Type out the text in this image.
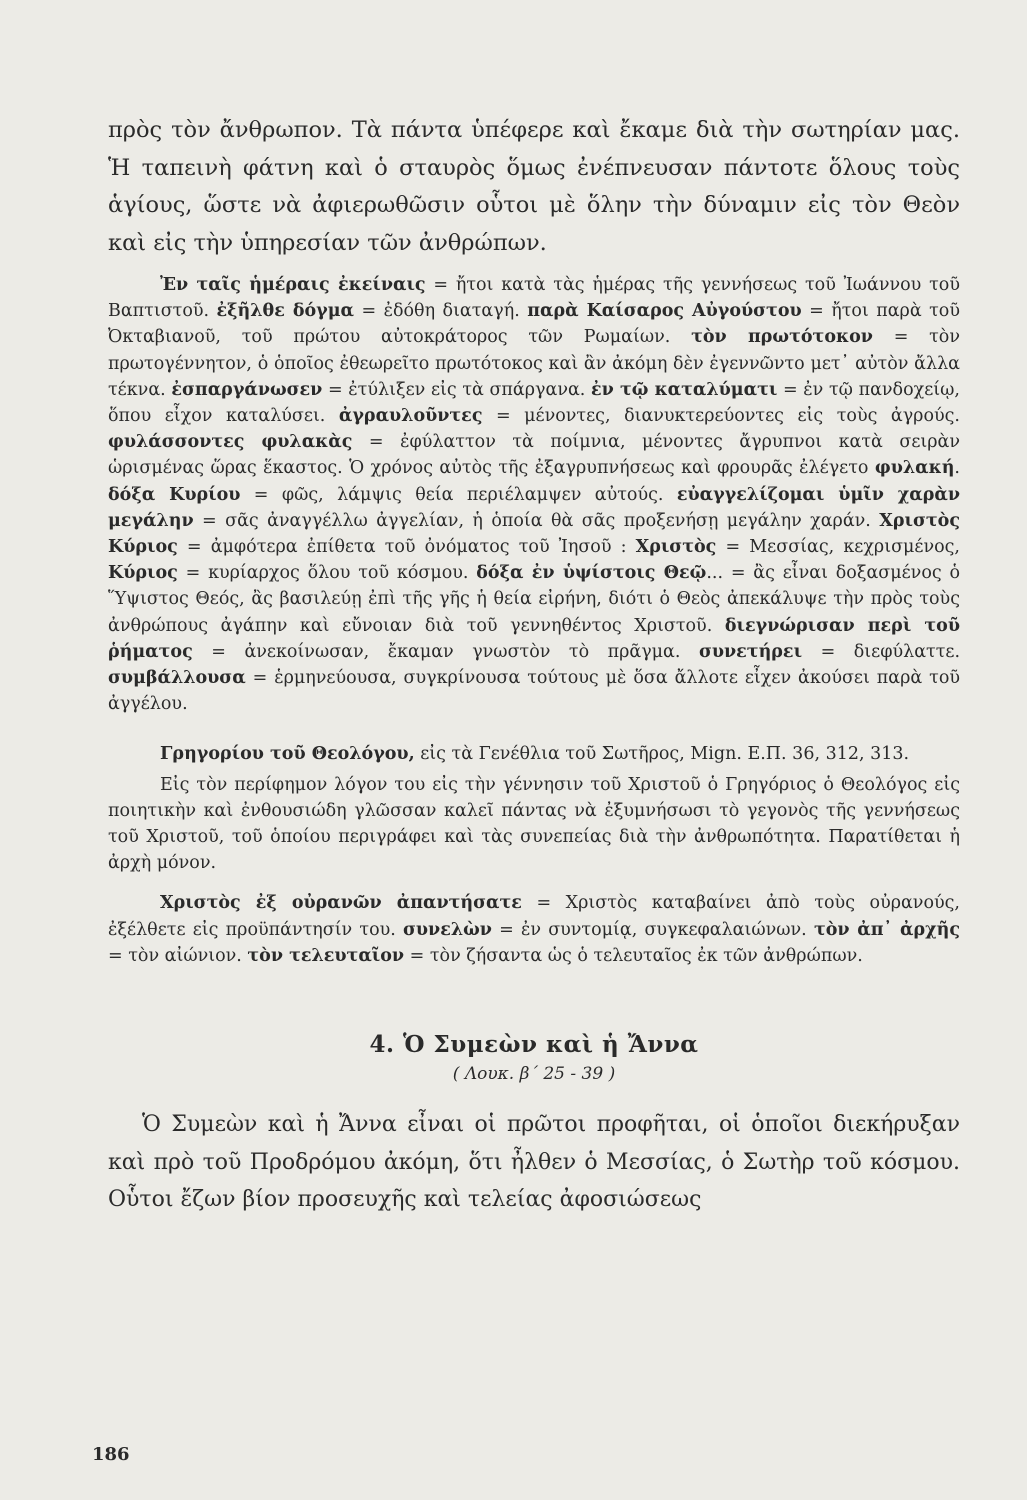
πρὸς τὸν ἄνθρωπον. Τὰ πάντα ὑπέφερε καὶ ἔκαμε διὰ τὴν σωτηρίαν μας. Ἡ ταπεινὴ φάτνη καὶ ὁ σταυρὸς ὅμως ἐνέπνευσαν πάντοτε ὅλους τοὺς ἁγίους, ὥστε νὰ ἀφιερωθῶσιν οὗτοι μὲ ὅλην τὴν δύναμιν εἰς τὸν Θεὸν καὶ εἰς τὴν ὑπηρεσίαν τῶν ἀνθρώπων.

Ἐν ταῖς ἡμέραις ἐκείναις = ἤτοι κατὰ τὰς ἡμέρας τῆς γεννήσεως τοῦ Ἰωάννου τοῦ Βαπτιστοῦ. ἐξῆλθε δόγμα = ἐδόθη διαταγή. παρὰ Καίσαρος Αὐγούστου = ἤτοι παρὰ τοῦ Ὀκταβιανοῦ, τοῦ πρώτου αὐτοκράτορος τῶν Ρωμαίων. τὸν πρωτότοκον = τὸν πρωτογέννητον, ὁ ὁποῖος ἐθεωρεῖτο πρωτότοκος καὶ ἂν ἀκόμη δὲν ἐγεννῶντο μετ᾽ αὐτὸν ἄλλα τέκνα. ἐσπαργάνωσεν = ἐτύλιξεν εἰς τὰ σπάργανα. ἐν τῷ καταλύματι = ἐν τῷ πανδοχείῳ, ὅπου εἶχον καταλύσει. ἀγραυλοῦντες = μένοντες, διανυκτερεύοντες εἰς τοὺς ἀγρούς. φυλάσσοντες φυλακὰς = ἐφύλαττον τὰ ποίμνια, μένοντες ἄγρυπνοι κατὰ σειρὰν ὡρισμένας ὥρας ἕκαστος. Ὁ χρόνος αὐτὸς τῆς ἐξαγρυπνήσεως καὶ φρουρᾶς ἐλέγετο φυλακή. δόξα Κυρίου = φῶς, λάμψις θεία περιέλαμψεν αὐτούς. εὐαγγελίζομαι ὑμῖν χαρὰν μεγάλην = σᾶς ἀναγγέλλω ἀγγελίαν, ἡ ὁποία θὰ σᾶς προξενήσῃ μεγάλην χαράν. Χριστὸς Κύριος = ἀμφότερα ἐπίθετα τοῦ ὀνόματος τοῦ Ἰησοῦ : Χριστὸς = Μεσσίας, κεχρισμένος, Κύριος = κυρίαρχος ὅλου τοῦ κόσμου. δόξα ἐν ὑψίστοις Θεῷ... = ἂς εἶναι δοξασμένος ὁ Ὕψιστος Θεός, ἂς βασιλεύῃ ἐπὶ τῆς γῆς ἡ θεία εἰρήνη, διότι ὁ Θεὸς ἀπεκάλυψε τὴν πρὸς τοὺς ἀνθρώπους ἀγάπην καὶ εὔνοιαν διὰ τοῦ γεννηθέντος Χριστοῦ. διεγνώρισαν περὶ τοῦ ῥήματος = ἀνεκοίνωσαν, ἔκαμαν γνωστὸν τὸ πρᾶγμα. συνετήρει = διεφύλαττε. συμβάλλουσα = ἑρμηνεύουσα, συγκρίνουσα τούτους μὲ ὅσα ἄλλοτε εἶχεν ἀκούσει παρὰ τοῦ ἀγγέλου.

Γρηγορίου τοῦ Θεολόγου, εἰς τὰ Γενέθλια τοῦ Σωτῆρος, Mign. Ε.Π. 36, 312, 313.

Εἰς τὸν περίφημον λόγον του εἰς τὴν γέννησιν τοῦ Χριστοῦ ὁ Γρηγόριος ὁ Θεολόγος εἰς ποιητικὴν καὶ ἐνθουσιώδη γλῶσσαν καλεῖ πάντας νὰ ἐξυμνήσωσι τὸ γεγονὸς τῆς γεννήσεως τοῦ Χριστοῦ, τοῦ ὁποίου περιγράφει καὶ τὰς συνεπείας διὰ τὴν ἀνθρωπότητα. Παρατίθεται ἡ ἀρχὴ μόνον.

Χριστὸς ἐξ οὐρανῶν ἀπαντήσατε = Χριστὸς καταβαίνει ἀπὸ τοὺς οὐρανούς, ἐξέλθετε εἰς προϋπάντησίν του. συνελὼν = ἐν συντομίᾳ, συγκεφαλαιώνων. τὸν ἀπ᾽ ἀρχῆς = τὸν αἰώνιον. τὸν τελευταῖον = τὸν ζήσαντα ὡς ὁ τελευταῖος ἐκ τῶν ἀνθρώπων.

4. Ὁ Συμεὼν καὶ ἡ Ἄννα
( Λουκ. β΄ 25 - 39 )

Ὁ Συμεὼν καὶ ἡ Ἄννα εἶναι οἱ πρῶτοι προφῆται, οἱ ὁποῖοι διεκήρυξαν καὶ πρὸ τοῦ Προδρόμου ἀκόμη, ὅτι ἦλθεν ὁ Μεσσίας, ὁ Σωτὴρ τοῦ κόσμου. Οὗτοι ἔζων βίον προσευχῆς καὶ τελείας ἀφοσιώσεως

186
